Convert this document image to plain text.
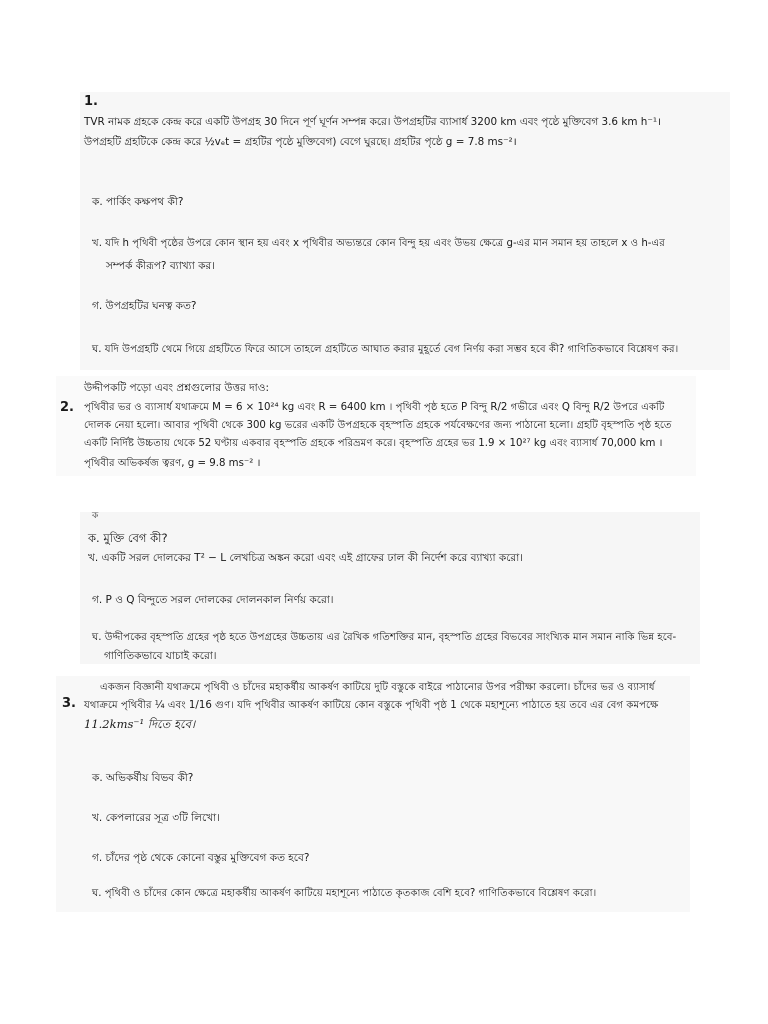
1.
TVR নামক গ্রহকে কেন্দ্র করে একটি উপগ্রহ 30 দিনে পূর্ণ ঘূর্ণন সম্পন্ন করে। উপগ্রহটির ব্যাসার্ধ 3200 km এবং পৃষ্ঠে মুক্তিবেগ 3.6 km h⁻¹।
উপগ্রহটি গ্রহটিকে কেন্দ্র করে ½vₑt = গ্রহটির পৃষ্ঠে মুক্তিবেগ) বেগে ঘুরছে। গ্রহটির পৃষ্ঠে g = 7.8 ms⁻²।
ক. পার্কিং কক্ষপথ কী?
খ. যদি h পৃথিবী পৃষ্ঠের উপরে কোন স্থান হয় এবং x পৃথিবীর অভ্যন্তরে কোন বিন্দু হয় এবং উভয় ক্ষেত্রে g-এর মান সমান হয় তাহলে x ও h-এর
সম্পর্ক কীরূপ? ব্যাখ্যা কর।
গ. উপগ্রহটির ঘনত্ব কত?
ঘ. যদি উপগ্রহটি থেমে গিয়ে গ্রহটিতে ফিরে আসে তাহলে গ্রহটিতে আঘাত করার মুহূর্তে বেগ নির্ণয় করা সম্ভব হবে কী? গাণিতিকভাবে বিশ্লেষণ কর।
উদ্দীপকটি পড়ো এবং প্রশ্নগুলোর উত্তর দাও:
2. পৃথিবীর ভর ও ব্যাসার্ধ যথাক্রমে M = 6 × 10²⁴ kg এবং R = 6400 km । পৃথিবী পৃষ্ঠ হতে P বিন্দু R/2 গভীরে এবং Q বিন্দু R/2 উপরে একটি
দোলক নেয়া হলো। আবার পৃথিবী থেকে 300 kg ভরের একটি উপগ্রহকে বৃহস্পতি গ্রহকে পর্যবেক্ষণের জন্য পাঠানো হলো। গ্রহটি বৃহস্পতি পৃষ্ঠ হতে
একটি নির্দিষ্ট উচ্চতায় থেকে 52 ঘণ্টায় একবার বৃহস্পতি গ্রহকে পরিভ্রমণ করে। বৃহস্পতি গ্রহের ভর 1.9 × 10²⁷ kg এবং ব্যাসার্ধ 70,000 km ।
পৃথিবীর অভিকর্ষজ ত্বরণ, g = 9.8 ms⁻² ।
ক
ক. মুক্তি বেগ কী?
খ. একটি সরল দোলকের T² − L লেখচিত্র অঙ্কন করো এবং এই গ্রাফের ঢাল কী নির্দেশ করে ব্যাখ্যা করো।
গ. P ও Q বিন্দুতে সরল দোলকের দোলনকাল নির্ণয় করো।
ঘ. উদ্দীপকের বৃহস্পতি গ্রহের পৃষ্ঠ হতে উপগ্রহের উচ্চতায় এর রৈখিক গতিশক্তির মান, বৃহস্পতি গ্রহের বিভবের সাংখ্যিক মান সমান নাকি ভিন্ন হবে-
গাণিতিকভাবে যাচাই করো।
একজন বিজ্ঞানী যথাক্রমে পৃথিবী ও চাঁদের মহাকর্ষীয় আকর্ষণ কাটিয়ে দুটি বস্তুকে বাইরে পাঠানোর উপর পরীক্ষা করলো। চাঁদের ভর ও ব্যাসার্ধ
3. যথাক্রমে পৃথিবীর ¼ এবং 1/16 গুণ। যদি পৃথিবীর আকর্ষণ কাটিয়ে কোন বস্তুকে পৃথিবী পৃষ্ঠ 1 থেকে মহাশূন্যে পাঠাতে হয় তবে এর বেগ কমপক্ষে
11.2kms⁻¹ দিতে হবে।
ক. অভিকর্ষীয় বিভব কী?
খ. কেপলারের সূত্র ৩টি লিখো।
গ. চাঁদের পৃষ্ঠ থেকে কোনো বস্তুর মুক্তিবেগ কত হবে?
ঘ. পৃথিবী ও চাঁদের কোন ক্ষেত্রে মহাকর্ষীয় আকর্ষণ কাটিয়ে মহাশূন্যে পাঠাতে কৃতকাজ বেশি হবে? গাণিতিকভাবে বিশ্লেষণ করো।
